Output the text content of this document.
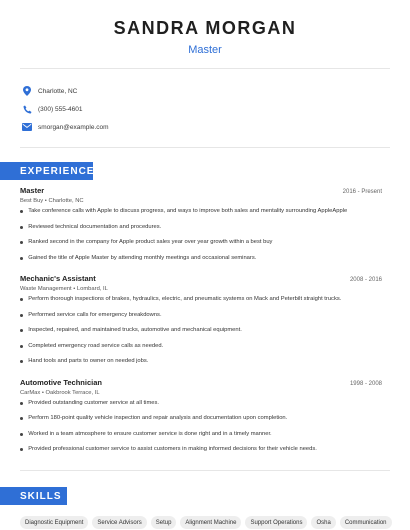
SANDRA MORGAN
Master
Charlotte, NC
(300) 555-4601
smorgan@example.com
EXPERIENCE
Master	2016 - Present
Best Buy • Charlotte, NC
Take conference calls with Apple to discuss progress, and ways to improve both sales and mentality surrounding AppleApple
Reviewed technical documentation and procedures.
Ranked second in the company for Apple product sales year over year growth within a best buy
Gained the title of Apple Master by attending monthly meetings and occasional seminars.
Mechanic's Assistant	2008 - 2016
Waste Management • Lombard, IL
Perform thorough inspections of brakes, hydraulics, electric, and pneumatic systems on Mack and Peterbilt straight trucks.
Performed service calls for emergency breakdowns.
Inspected, repaired, and maintained trucks, automotive and mechanical equipment.
Completed emergency road service calls as needed.
Hand tools and parts to owner on needed jobs.
Automotive Technician	1998 - 2008
CarMax • Oakbrook Terrace, IL
Provided outstanding customer service at all times.
Perform 180-point quality vehicle inspection and repair analysis and documentation upon completion.
Worked in a team atmosphere to ensure customer service is done right and in a timely manner.
Provided professional customer service to assist customers in making informed decisions for their vehicle needs.
SKILLS
Diagnostic Equipment	Service Advisors	Setup	Alignment Machine	Support Operations	Osha	Communication
